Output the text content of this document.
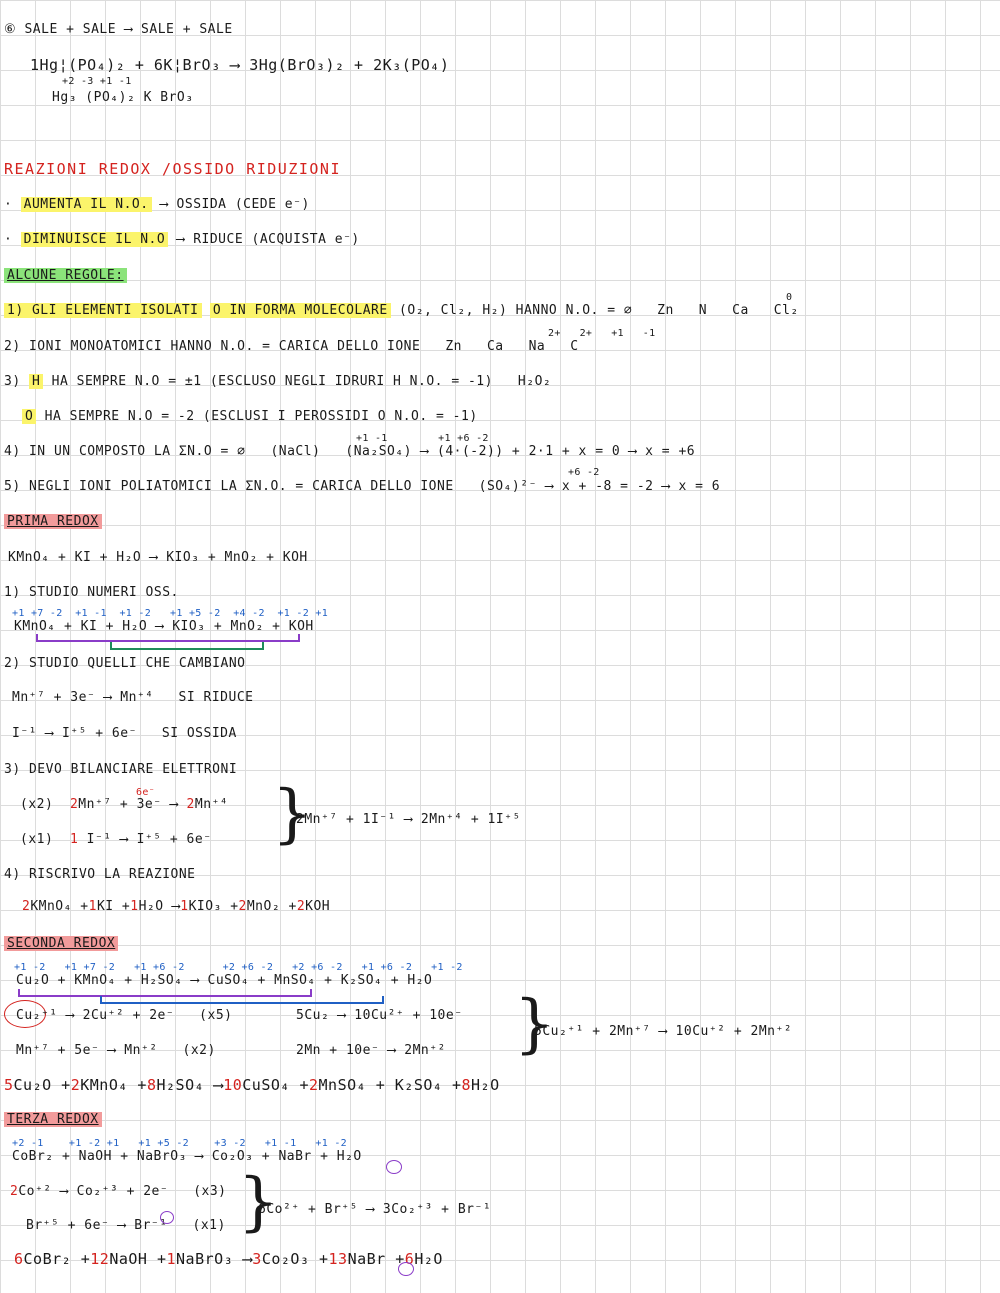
⑥ SALE + SALE ⟶ SALE + SALE
+2 -3 +1 -1
1Hg¦(PO₄)₂ + 6K¦BrO₃ ⟶ 3Hg(BrO₃)₂ + 2K₃(PO₄)
Hg₃ (PO₄)₂ K BrO₃
REAZIONI REDOX /OSSIDO RIDUZIONI
· AUMENTA IL N.O. ⟶ OSSIDA (CEDE e⁻)
· DIMINUISCE IL N.O ⟶ RIDUCE (ACQUISTA e⁻)
ALCUNE REGOLE:
0
1) GLI ELEMENTI ISOLATI O IN FORMA MOLECOLARE (O₂, Cl₂, H₂) HANNO N.O. = ∅   Zn   N   Ca   Cl₂
2+   2+   +1   -1
2) IONI MONOATOMICI HANNO N.O. = CARICA DELLO IONE   Zn   Ca   Na   C
3) H HA SEMPRE N.O = ±1 (ESCLUSO NEGLI IDRURI H N.O. = -1)   H₂O₂
O HA SEMPRE N.O = -2 (ESCLUSI I PEROSSIDI O N.O. = -1)
+1 -1        +1 +6 -2
4) IN UN COMPOSTO LA ΣN.O = ∅   (NaCl)   (Na₂SO₄) ⟶ (4·(-2)) + 2·1 + x = 0 ⟶ x = +6
+6 -2
5) NEGLI IONI POLIATOMICI LA ΣN.O. = CARICA DELLO IONE   (SO₄)²⁻ ⟶ x + -8 = -2 ⟶ x = 6
PRIMA REDOX
KMnO₄ + KI + H₂O ⟶ KIO₃ + MnO₂ + KOH
1) STUDIO NUMERI OSS.
+1 +7 -2  +1 -1  +1 -2   +1 +5 -2  +4 -2  +1 -2 +1
KMnO₄ + KI + H₂O ⟶ KIO₃ + MnO₂ + KOH
2) STUDIO QUELLI CHE CAMBIANO
Mn⁺⁷ + 3e⁻ ⟶ Mn⁺⁴   SI RIDUCE
I⁻¹ ⟶ I⁺⁵ + 6e⁻   SI OSSIDA
3) DEVO BILANCIARE ELETTRONI
6e⁻
(x2) 2Mn⁺⁷ + 3e⁻ ⟶ 2Mn⁺⁴
(x1) 1 I⁻¹ ⟶ I⁺⁵ + 6e⁻ }
2Mn⁺⁷ + 1I⁻¹ ⟶ 2Mn⁺⁴ + 1I⁺⁵
4) RISCRIVO LA REAZIONE
2KMnO₄ +1KI +1H₂O ⟶1KIO₃ +2MnO₂ +2KOH
SECONDA REDOX
+1 -2   +1 +7 -2   +1 +6 -2      +2 +6 -2   +2 +6 -2   +1 +6 -2   +1 -2
Cu₂O + KMnO₄ + H₂SO₄ ⟶ CuSO₄ + MnSO₄ + K₂SO₄ + H₂O
Cu₂⁺¹ ⟶ 2Cu⁺² + 2e⁻   (x5)
Mn⁺⁷ + 5e⁻ ⟶ Mn⁺²   (x2)
5Cu₂ ⟶ 10Cu²⁺ + 10e⁻
2Mn + 10e⁻ ⟶ 2Mn⁺² }
5Cu₂⁺¹ + 2Mn⁺⁷ ⟶ 10Cu⁺² + 2Mn⁺²
5Cu₂O +2KMnO₄ +8H₂SO₄ ⟶10CuSO₄ +2MnSO₄ + K₂SO₄ +8H₂O
TERZA REDOX
+2 -1    +1 -2 +1   +1 +5 -2    +3 -2   +1 -1   +1 -2
CoBr₂ + NaOH + NaBrO₃ ⟶ Co₂O₃ + NaBr + H₂O
2Co⁺² ⟶ Co₂⁺³ + 2e⁻   (x3)
Br⁺⁵ + 6e⁻ ⟶ Br⁻¹   (x1) }
6Co²⁺ + Br⁺⁵ ⟶ 3Co₂⁺³ + Br⁻¹
6CoBr₂ +12NaOH +1NaBrO₃ ⟶3Co₂O₃ +13NaBr +6H₂O
